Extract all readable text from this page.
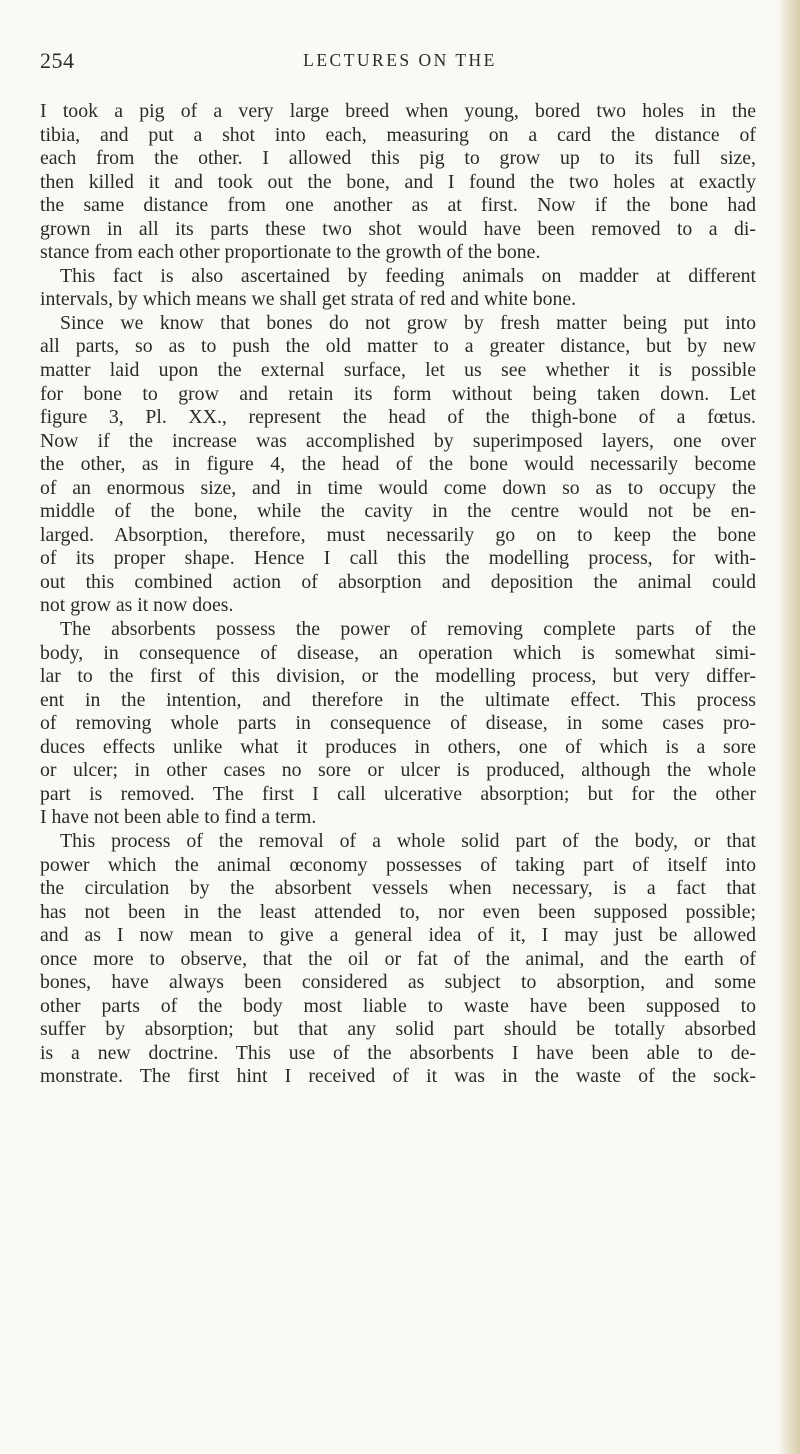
254	LECTURES ON THE
I took a pig of a very large breed when young, bored two holes in the
tibia, and put a shot into each, measuring on a card the distance of
each from the other. I allowed this pig to grow up to its full size,
then killed it and took out the bone, and I found the two holes at exactly
the same distance from one another as at first. Now if the bone had
grown in all its parts these two shot would have been removed to a di-
stance from each other proportionate to the growth of the bone.
This fact is also ascertained by feeding animals on madder at different
intervals, by which means we shall get strata of red and white bone.
Since we know that bones do not grow by fresh matter being put into
all parts, so as to push the old matter to a greater distance, but by new
matter laid upon the external surface, let us see whether it is possible
for bone to grow and retain its form without being taken down. Let
figure 3, Pl. XX., represent the head of the thigh-bone of a fœtus.
Now if the increase was accomplished by superimposed layers, one over
the other, as in figure 4, the head of the bone would necessarily become
of an enormous size, and in time would come down so as to occupy the
middle of the bone, while the cavity in the centre would not be en-
larged. Absorption, therefore, must necessarily go on to keep the bone
of its proper shape. Hence I call this the modelling process, for with-
out this combined action of absorption and deposition the animal could
not grow as it now does.
The absorbents possess the power of removing complete parts of the
body, in consequence of disease, an operation which is somewhat simi-
lar to the first of this division, or the modelling process, but very differ-
ent in the intention, and therefore in the ultimate effect. This process
of removing whole parts in consequence of disease, in some cases pro-
duces effects unlike what it produces in others, one of which is a sore
or ulcer; in other cases no sore or ulcer is produced, although the whole
part is removed. The first I call ulcerative absorption; but for the other
I have not been able to find a term.
This process of the removal of a whole solid part of the body, or that
power which the animal œconomy possesses of taking part of itself into
the circulation by the absorbent vessels when necessary, is a fact that
has not been in the least attended to, nor even been supposed possible;
and as I now mean to give a general idea of it, I may just be allowed
once more to observe, that the oil or fat of the animal, and the earth of
bones, have always been considered as subject to absorption, and some
other parts of the body most liable to waste have been supposed to
suffer by absorption; but that any solid part should be totally absorbed
is a new doctrine. This use of the absorbents I have been able to de-
monstrate. The first hint I received of it was in the waste of the sock-
